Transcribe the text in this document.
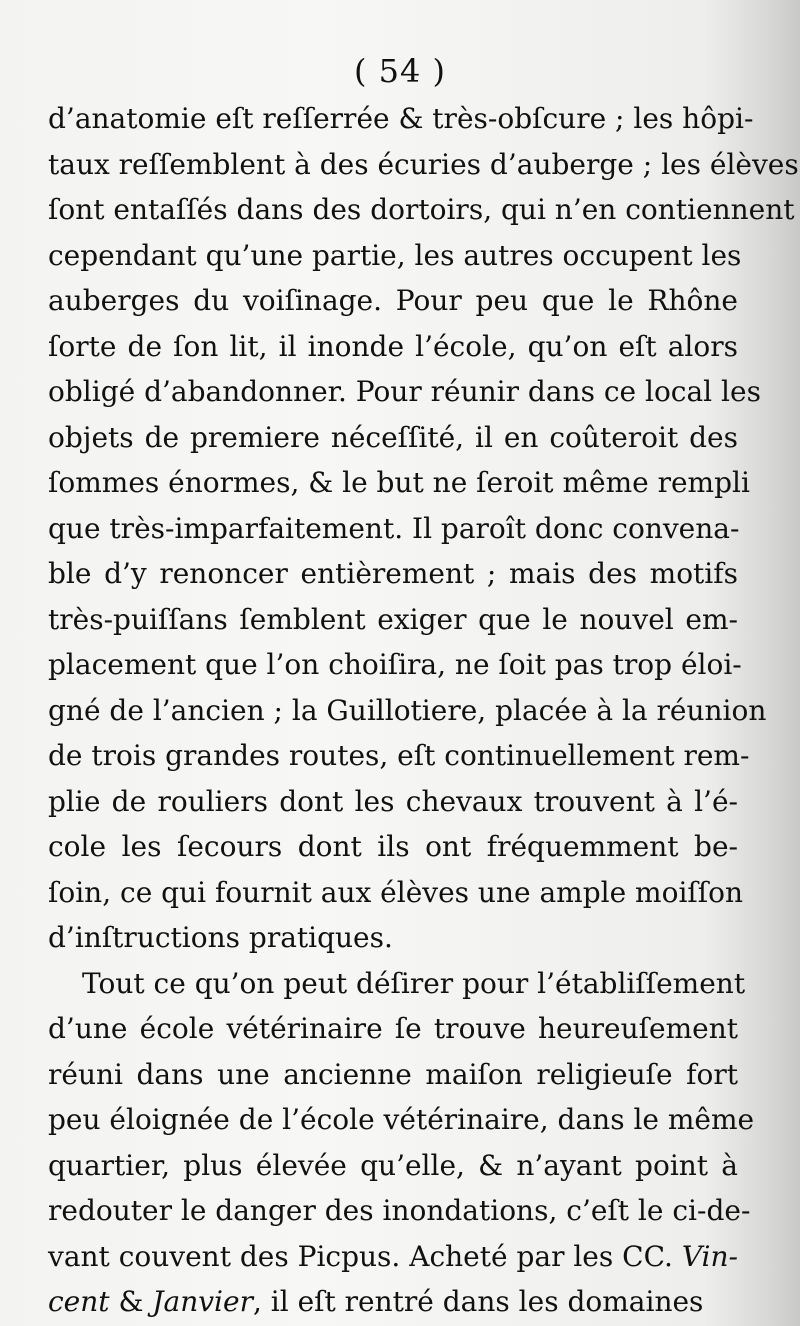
( 54 )
d’anatomie eſt reſſerrée & très-obſcure ; les hôpi-
taux reſſemblent à des écuries d’auberge ; les élèves
ſont entaſſés dans des dortoirs, qui n’en contiennent
cependant qu’une partie, les autres occupent les
auberges du voiſinage. Pour peu que le Rhône
ſorte de ſon lit, il inonde l’école, qu’on eſt alors
obligé d’abandonner. Pour réunir dans ce local les
objets de premiere néceſſité, il en coûteroit des
ſommes énormes, & le but ne ſeroit même rempli
que très-imparfaitement. Il paroît donc convena-
ble d’y renoncer entièrement ; mais des motifs
très-puiſſans ſemblent exiger que le nouvel em-
placement que l’on choiſira, ne ſoit pas trop éloi-
gné de l’ancien ; la Guillotiere, placée à la réunion
de trois grandes routes, eſt continuellement rem-
plie de rouliers dont les chevaux trouvent à l’é-
cole les ſecours dont ils ont fréquemment be-
ſoin, ce qui fournit aux élèves une ample moiſſon
d’inſtructions pratiques.
Tout ce qu’on peut déſirer pour l’établiſſement
d’une école vétérinaire ſe trouve heureuſement
réuni dans une ancienne maiſon religieuſe fort
peu éloignée de l’école vétérinaire, dans le même
quartier, plus élevée qu’elle, & n’ayant point à
redouter le danger des inondations, c’eſt le ci-de-
vant couvent des Picpus. Acheté par les CC. Vin-
cent & Janvier, il eſt rentré dans les domaines
